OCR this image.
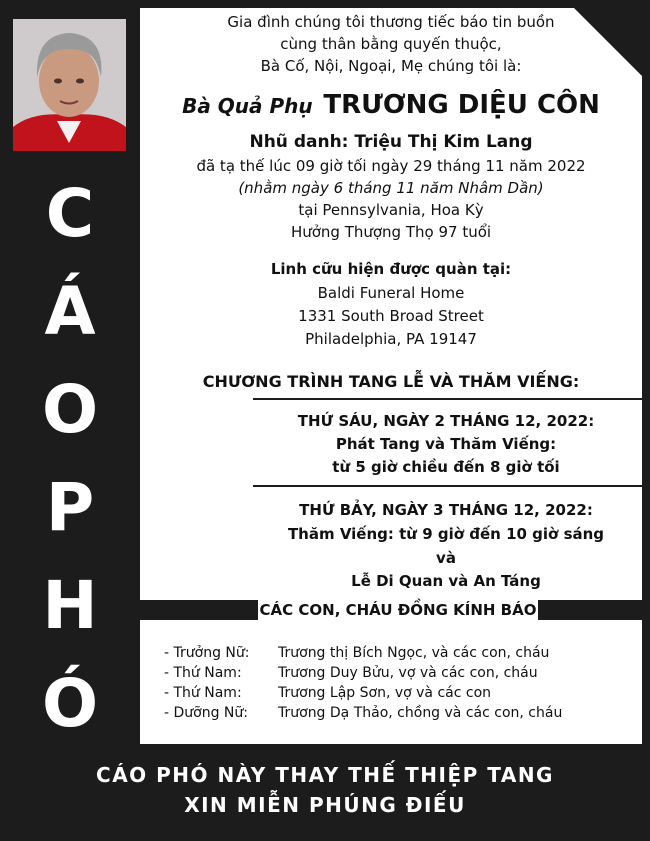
C
Á
O
P
H
Ó
Gia đình chúng tôi thương tiếc báo tin buồn
cùng thân bằng quyến thuộc,
Bà Cố, Nội, Ngoại, Mẹ chúng tôi là:
Bà Quả Phụ TRƯƠNG DIỆU CÔN
Nhũ danh: Triệu Thị Kim Lang
đã tạ thế lúc 09 giờ tối ngày 29 tháng 11 năm 2022
(nhằm ngày 6 tháng 11 năm Nhâm Dần)
tại Pennsylvania, Hoa Kỳ
Hưởng Thượng Thọ 97 tuổi
Linh cữu hiện được quàn tại:
Baldi Funeral Home
1331 South Broad Street
Philadelphia, PA 19147
CHƯƠNG TRÌNH TANG LỄ VÀ THĂM VIẾNG:
THỨ SÁU, NGÀY 2 THÁNG 12, 2022:
Phát Tang và Thăm Viếng:
từ 5 giờ chiều đến 8 giờ tối
THỨ BẢY, NGÀY 3 THÁNG 12, 2022:
Thăm Viếng: từ 9 giờ đến 10 giờ sáng
và
Lễ Di Quan và An Táng
CÁC CON, CHÁU ĐỒNG KÍNH BÁO
- Trưởng Nữ: Trương thị Bích Ngọc, và các con, cháu
- Thứ Nam:	Trương Duy Bửu, vợ và các con, cháu
- Thứ Nam:	Trương Lập Sơn, vợ và các con
- Dưỡng Nữ: Trương Dạ Thảo, chồng và các con, cháu
CÁO PHÓ NÀY THAY THẾ THIỆP TANG
XIN MIỄN PHÚNG ĐIẾU
